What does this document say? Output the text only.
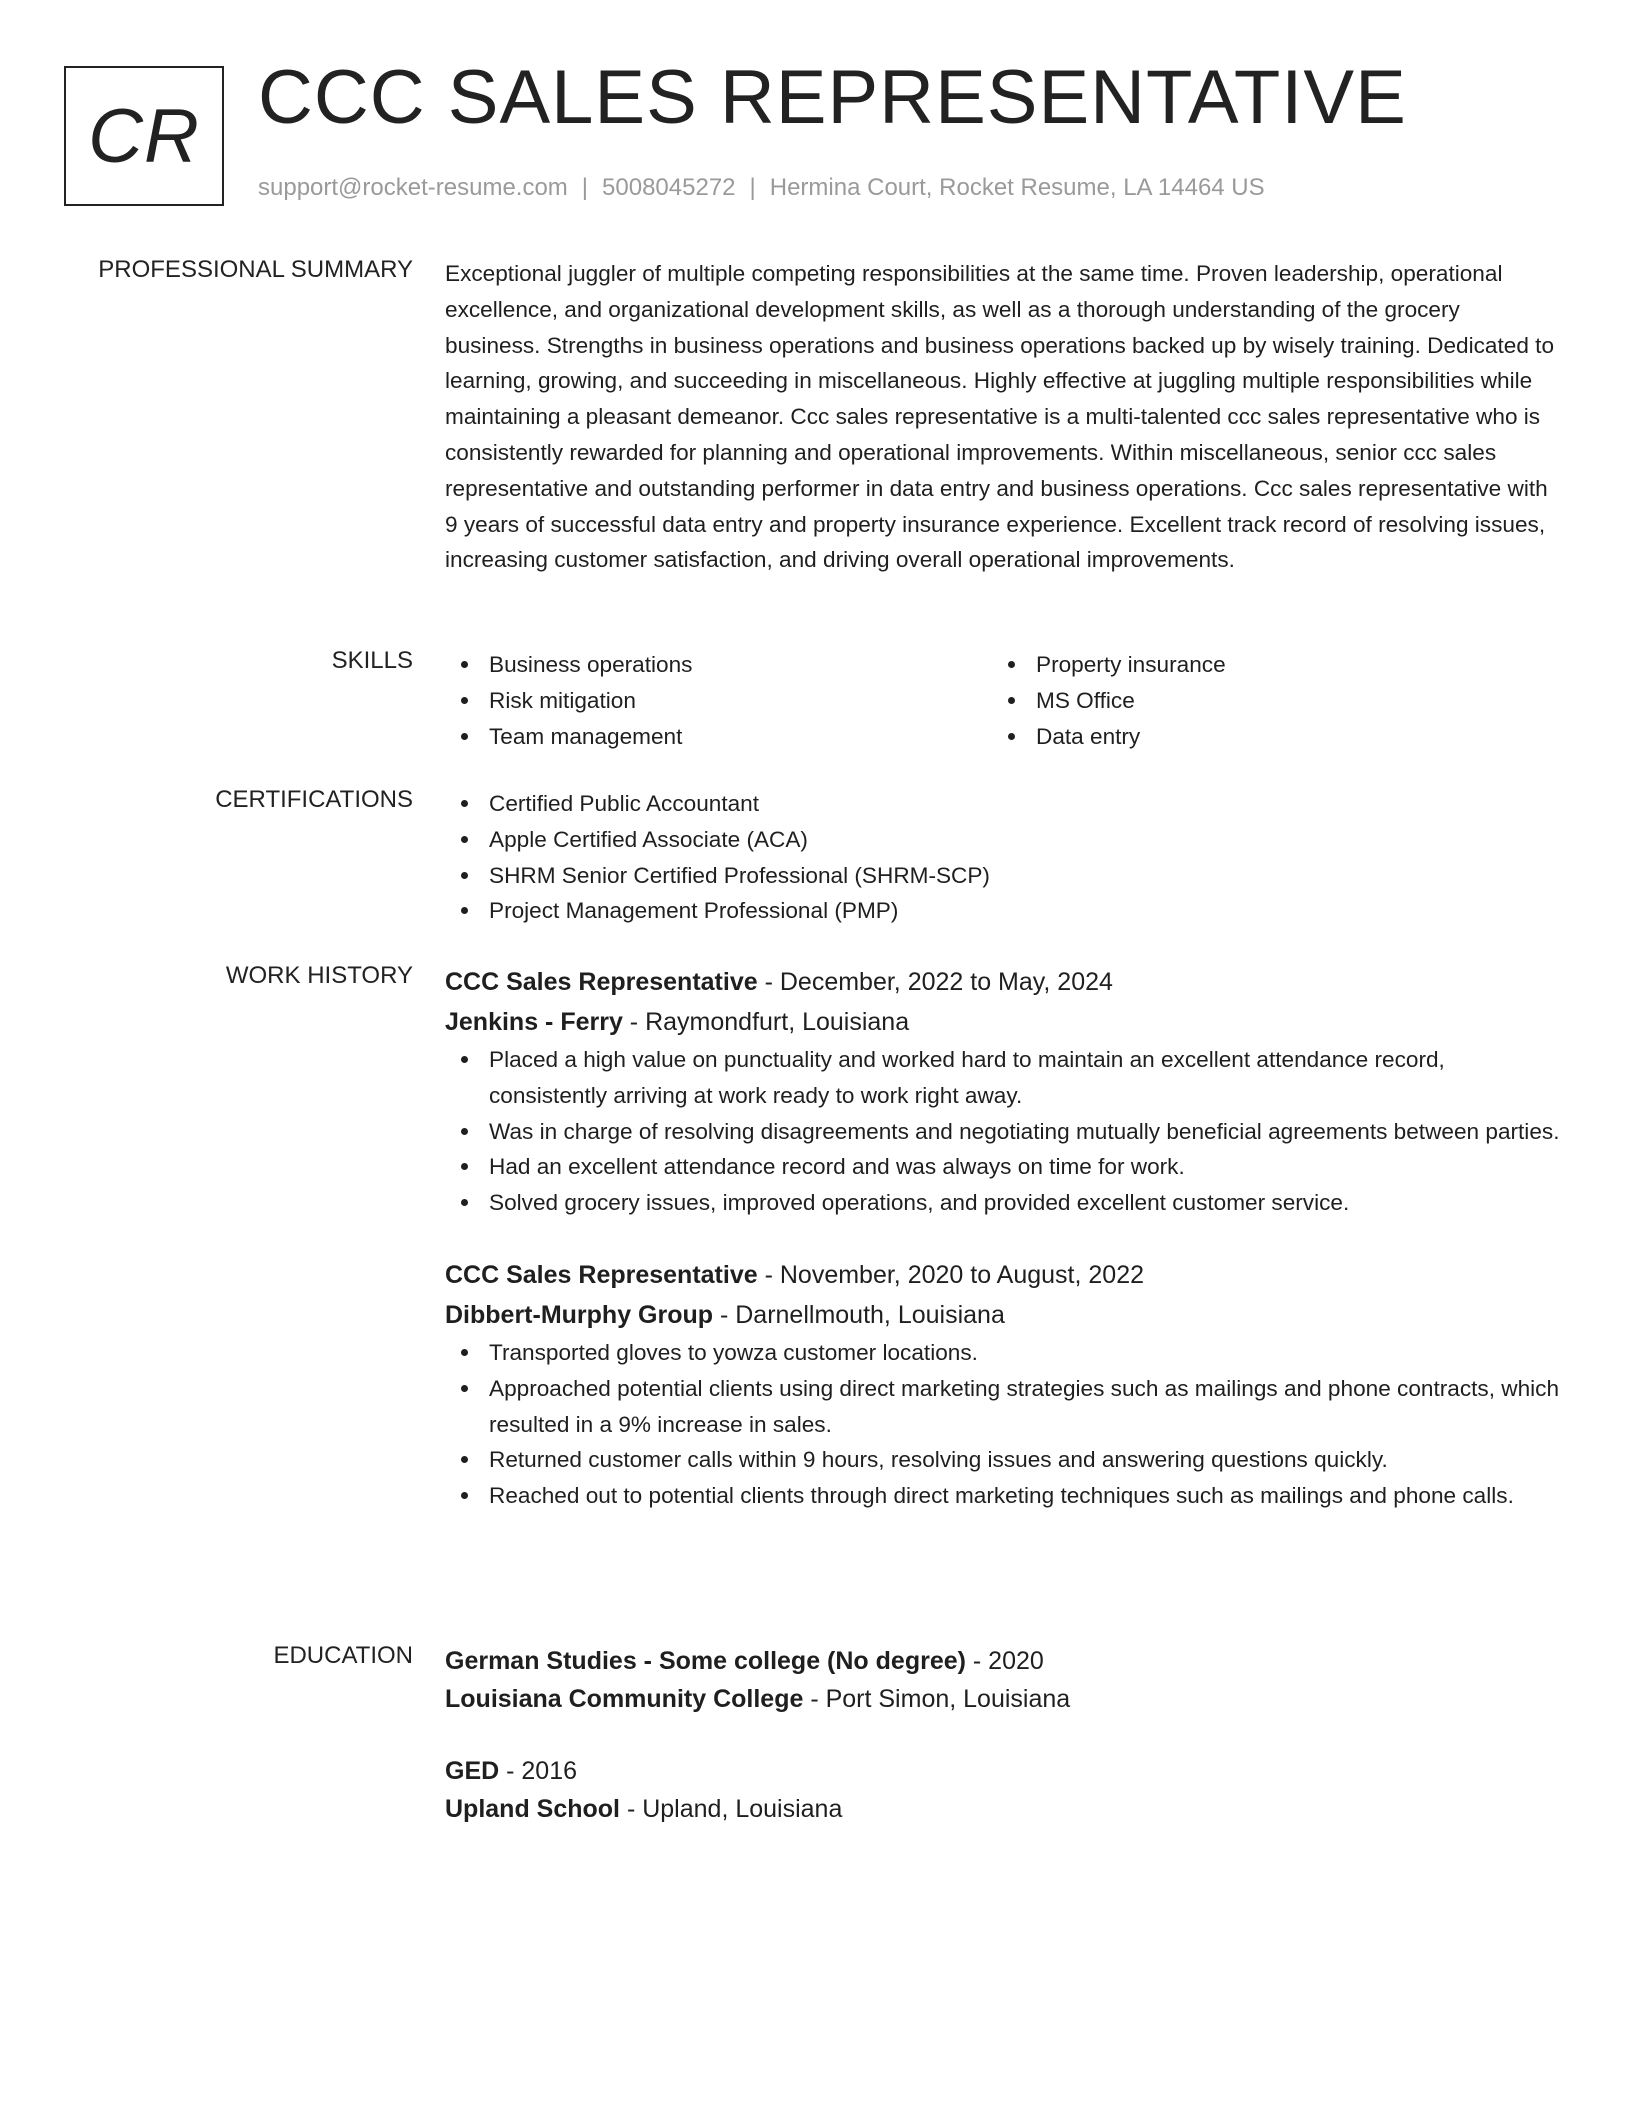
CR CCC SALES REPRESENTATIVE
support@rocket-resume.com | 5008045272 | Hermina Court, Rocket Resume, LA 14464 US
PROFESSIONAL SUMMARY Exceptional juggler of multiple competing responsibilities at the same time. Proven leadership, operational excellence, and organizational development skills, as well as a thorough understanding of the grocery business. Strengths in business operations and business operations backed up by wisely training. Dedicated to learning, growing, and succeeding in miscellaneous. Highly effective at juggling multiple responsibilities while maintaining a pleasant demeanor. Ccc sales representative is a multi-talented ccc sales representative who is consistently rewarded for planning and operational improvements. Within miscellaneous, senior ccc sales representative and outstanding performer in data entry and business operations. Ccc sales representative with 9 years of successful data entry and property insurance experience. Excellent track record of resolving issues, increasing customer satisfaction, and driving overall operational improvements.

SKILLS	Business operations
Risk mitigation
Team management
Property insurance
MS Office
Data entry
CERTIFICATIONS	Certified Public Accountant
Apple Certified Associate (ACA)
SHRM Senior Certified Professional (SHRM-SCP)
Project Management Professional (PMP)
WORK HISTORY CCC Sales Representative - December, 2022 to May, 2024

Jenkins - Ferry - Raymondfurt, Louisiana

Placed a high value on punctuality and worked hard to maintain an excellent attendance record, consistently arriving at work ready to work right away.
Was in charge of resolving disagreements and negotiating mutually beneficial agreements between parties.
Had an excellent attendance record and was always on time for work.
Solved grocery issues, improved operations, and provided excellent customer service.

CCC Sales Representative - November, 2020 to August, 2022

Dibbert-Murphy Group - Darnellmouth, Louisiana

Transported gloves to yowza customer locations.
Approached potential clients using direct marketing strategies such as mailings and phone contracts, which resulted in a 9% increase in sales.
Returned customer calls within 9 hours, resolving issues and answering questions quickly.
Reached out to potential clients through direct marketing techniques such as mailings and phone calls.
EDUCATION German Studies - Some college (No degree) - 2020
Louisiana Community College - Port Simon, Louisiana
GED - 2016
Upland School - Upland, Louisiana
